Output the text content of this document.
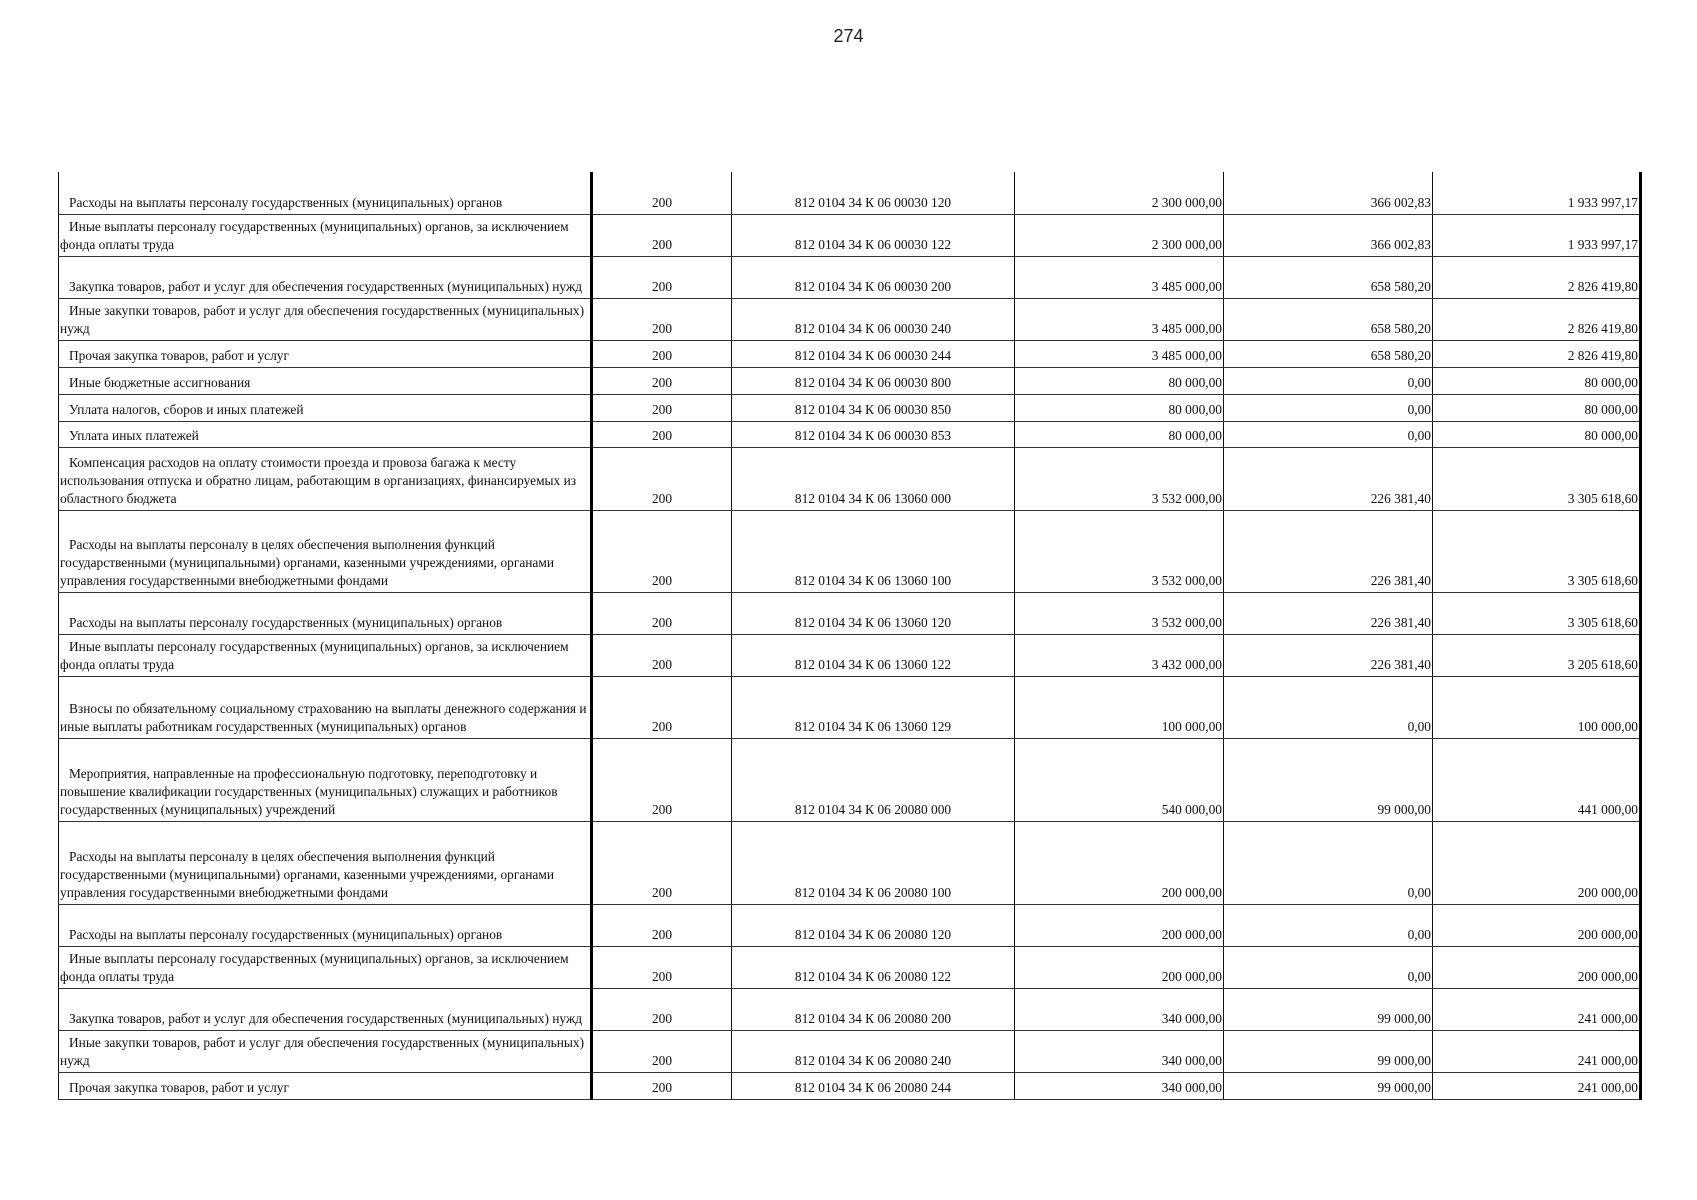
274
Расходы на выплаты персоналу государственных (муниципальных) органов	200	812 0104 34 К 06 00030 120	2 300 000,00	366 002,83	1 933 997,17
Иные выплаты персоналу государственных (муниципальных) органов, за исключением фонда оплаты труда	200	812 0104 34 К 06 00030 122	2 300 000,00	366 002,83	1 933 997,17
Закупка товаров, работ и услуг для обеспечения государственных (муниципальных) нужд	200	812 0104 34 К 06 00030 200	3 485 000,00	658 580,20	2 826 419,80
Иные закупки товаров, работ и услуг для обеспечения государственных (муниципальных) нужд	200	812 0104 34 К 06 00030 240	3 485 000,00	658 580,20	2 826 419,80
Прочая закупка товаров, работ и услуг	200	812 0104 34 К 06 00030 244	3 485 000,00	658 580,20	2 826 419,80
Иные бюджетные ассигнования	200	812 0104 34 К 06 00030 800	80 000,00	0,00	80 000,00
Уплата налогов, сборов и иных платежей	200	812 0104 34 К 06 00030 850	80 000,00	0,00	80 000,00
Уплата иных платежей	200	812 0104 34 К 06 00030 853	80 000,00	0,00	80 000,00
Компенсация расходов на оплату стоимости проезда и провоза багажа к месту использования отпуска и обратно лицам, работающим в организациях, финансируемых из областного бюджета	200	812 0104 34 К 06 13060 000	3 532 000,00	226 381,40	3 305 618,60
Расходы на выплаты персоналу в целях обеспечения выполнения функций государственными (муниципальными) органами, казенными учреждениями, органами управления государственными внебюджетными фондами	200	812 0104 34 К 06 13060 100	3 532 000,00	226 381,40	3 305 618,60
Расходы на выплаты персоналу государственных (муниципальных) органов	200	812 0104 34 К 06 13060 120	3 532 000,00	226 381,40	3 305 618,60
Иные выплаты персоналу государственных (муниципальных) органов, за исключением фонда оплаты труда	200	812 0104 34 К 06 13060 122	3 432 000,00	226 381,40	3 205 618,60
Взносы по обязательному социальному страхованию на выплаты денежного содержания и иные выплаты работникам государственных (муниципальных) органов	200	812 0104 34 К 06 13060 129	100 000,00	0,00	100 000,00
Мероприятия, направленные на профессиональную подготовку, переподготовку и повышение квалификации государственных (муниципальных) служащих и работников государственных (муниципальных) учреждений	200	812 0104 34 К 06 20080 000	540 000,00	99 000,00	441 000,00
Расходы на выплаты персоналу в целях обеспечения выполнения функций государственными (муниципальными) органами, казенными учреждениями, органами управления государственными внебюджетными фондами	200	812 0104 34 К 06 20080 100	200 000,00	0,00	200 000,00
Расходы на выплаты персоналу государственных (муниципальных) органов	200	812 0104 34 К 06 20080 120	200 000,00	0,00	200 000,00
Иные выплаты персоналу государственных (муниципальных) органов, за исключением фонда оплаты труда	200	812 0104 34 К 06 20080 122	200 000,00	0,00	200 000,00
Закупка товаров, работ и услуг для обеспечения государственных (муниципальных) нужд	200	812 0104 34 К 06 20080 200	340 000,00	99 000,00	241 000,00
Иные закупки товаров, работ и услуг для обеспечения государственных (муниципальных) нужд	200	812 0104 34 К 06 20080 240	340 000,00	99 000,00	241 000,00
Прочая закупка товаров, работ и услуг	200	812 0104 34 К 06 20080 244	340 000,00	99 000,00	241 000,00
